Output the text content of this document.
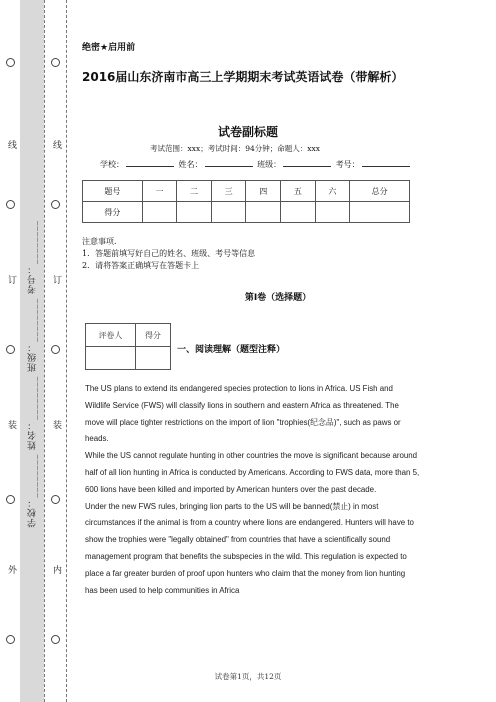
线
订
装
外
学校：________ 姓名：________ 班级：________ 考号：________
线
订
装
内
绝密★启用前
2016届山东济南市高三上学期期末考试英语试卷（带解析）
试卷副标题
考试范围：xxx；考试时间：94分钟；命题人：xxx
学校：	姓名：	班级：	考号：
题号	一	二	三	四	五	六	总分
得分							
注意事项.
1．答题前填写好自己的姓名、班级、考号等信息
2．请将答案正确填写在答题卡上
第Ⅰ卷（选择题）
评卷人	得分

一、阅读理解（题型注释）

The US plans to extend its endangered species protection to lions in Africa. US Fish and Wildlife Service (FWS) will classify lions in southern and eastern Africa as threatened. The move will place tighter restrictions on the import of lion "trophies(纪念品)", such as paws or heads.

While the US cannot regulate hunting in other countries the move is significant because around half of all lion hunting in Africa is conducted by Americans. According to FWS data, more than 5, 600 lions have been killed and imported by American hunters over the past decade.

Under the new FWS rules, bringing lion parts to the US will be banned(禁止) in most circumstances if the animal is from a country where lions are endangered. Hunters will have to show the trophies were "legally obtained" from countries that have a scientifically sound management program that benefits the subspecies in the wild. This regulation is expected to place a far greater burden of proof upon hunters who claim that the money from lion hunting has been used to help communities in Africa

试卷第1页，共12页
